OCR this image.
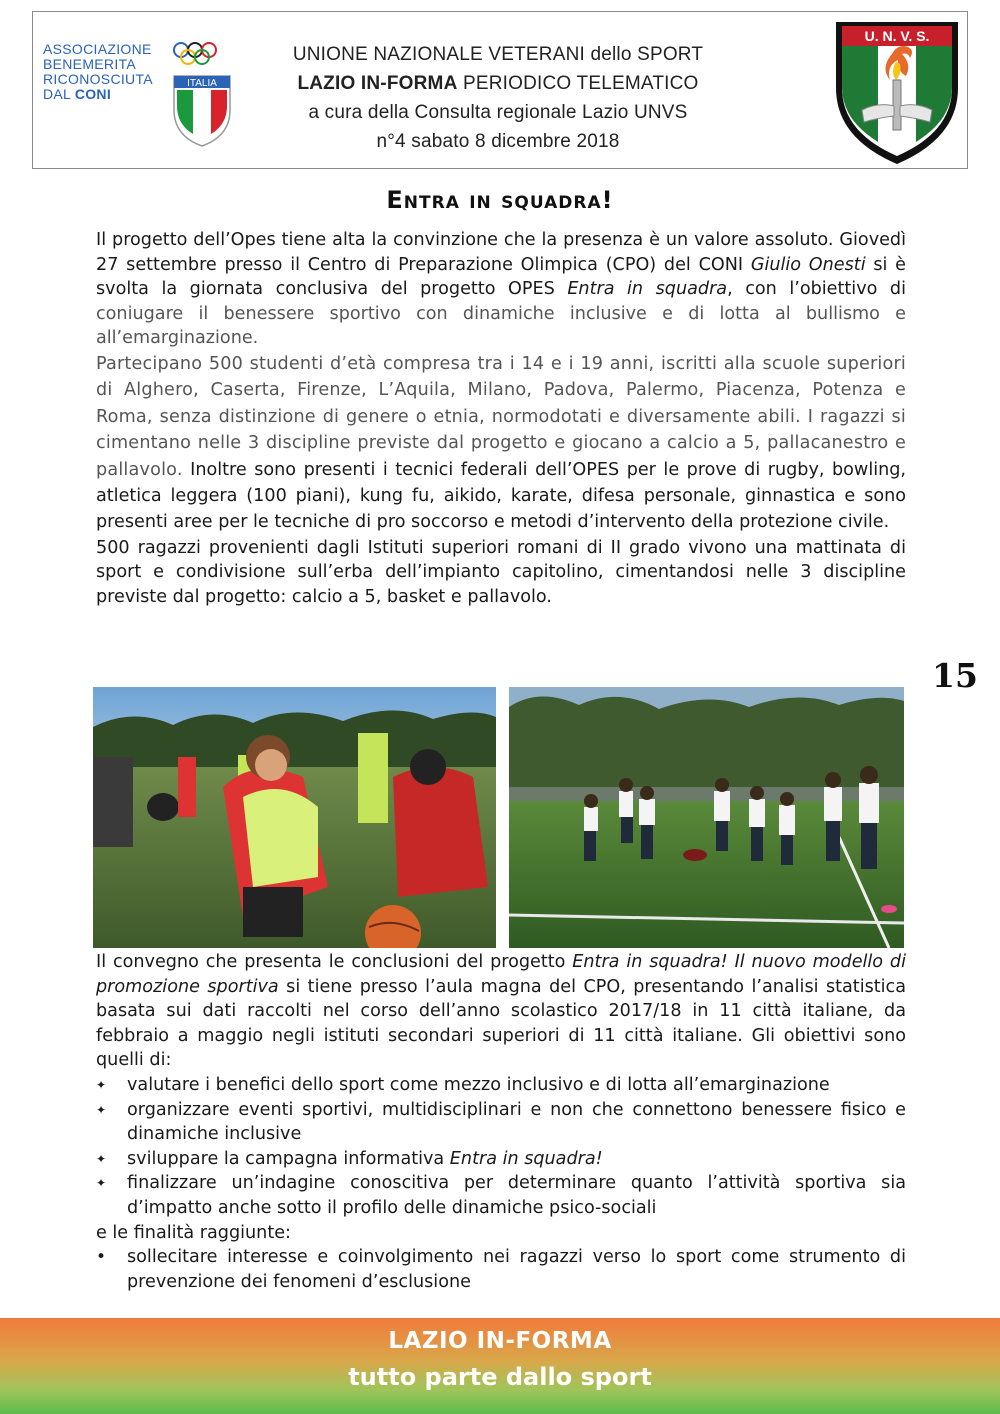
ASSOCIAZIONE
BENEMERITA
RICONOSCIUTA
DAL CONI
ITALIA
UNIONE NAZIONALE VETERANI dello SPORT
LAZIO IN-FORMA PERIODICO TELEMATICO
a cura della Consulta regionale Lazio UNVS
n°4 sabato 8 dicembre 2018
U. N. V. S.
Entra in squadra!

Il progetto dell’Opes tiene alta la convinzione che la presenza è un valore assoluto. Giovedì 27 settembre presso il Centro di Preparazione Olimpica (CPO) del CONI Giulio Onesti si è svolta la giornata conclusiva del progetto OPES Entra in squadra, con l’obiettivo di coniugare il benessere sportivo con dinamiche inclusive e di lotta al bullismo e all’emarginazione.

Partecipano 500 studenti d’età compresa tra i 14 e i 19 anni, iscritti alla scuole superiori di Alghero, Caserta, Firenze, L’Aquila, Milano, Padova, Palermo, Piacenza, Potenza e Roma, senza distinzione di genere o etnia, normodotati e diversamente abili. I ragazzi si cimentano nelle 3 discipline previste dal progetto e giocano a calcio a 5, pallacanestro e pallavolo. Inoltre sono presenti i tecnici federali dell’OPES per le prove di rugby, bowling, atletica leggera (100 piani), kung fu, aikido, karate, difesa personale, ginnastica e sono presenti aree per le tecniche di pro soccorso e metodi d’intervento della protezione civile.

500 ragazzi provenienti dagli Istituti superiori romani di II grado vivono una mattinata di sport e condivisione sull’erba dell’impianto capitolino, cimentandosi nelle 3 discipline previste dal progetto: calcio a 5, basket e pallavolo.

15

Il convegno che presenta le conclusioni del progetto Entra in squadra! Il nuovo modello di promozione sportiva si tiene presso l’aula magna del CPO, presentando l’analisi statistica basata sui dati raccolti nel corso dell’anno scolastico 2017/18 in 11 città italiane, da febbraio a maggio negli istituti secondari superiori di 11 città italiane. Gli obiettivi sono quelli di:

✦ valutare i benefici dello sport come mezzo inclusivo e di lotta all’emarginazione
✦ organizzare eventi sportivi, multidisciplinari e non che connettono benessere fisico e dinamiche inclusive
✦ sviluppare la campagna informativa Entra in squadra!
✦ finalizzare un’indagine conoscitiva per determinare quanto l’attività sportiva sia d’impatto anche sotto il profilo delle dinamiche psico-sociali

e le finalità raggiunte:

• sollecitare interesse e coinvolgimento nei ragazzi verso lo sport come strumento di prevenzione dei fenomeni d’esclusione
LAZIO IN-FORMA
tutto parte dallo sport
